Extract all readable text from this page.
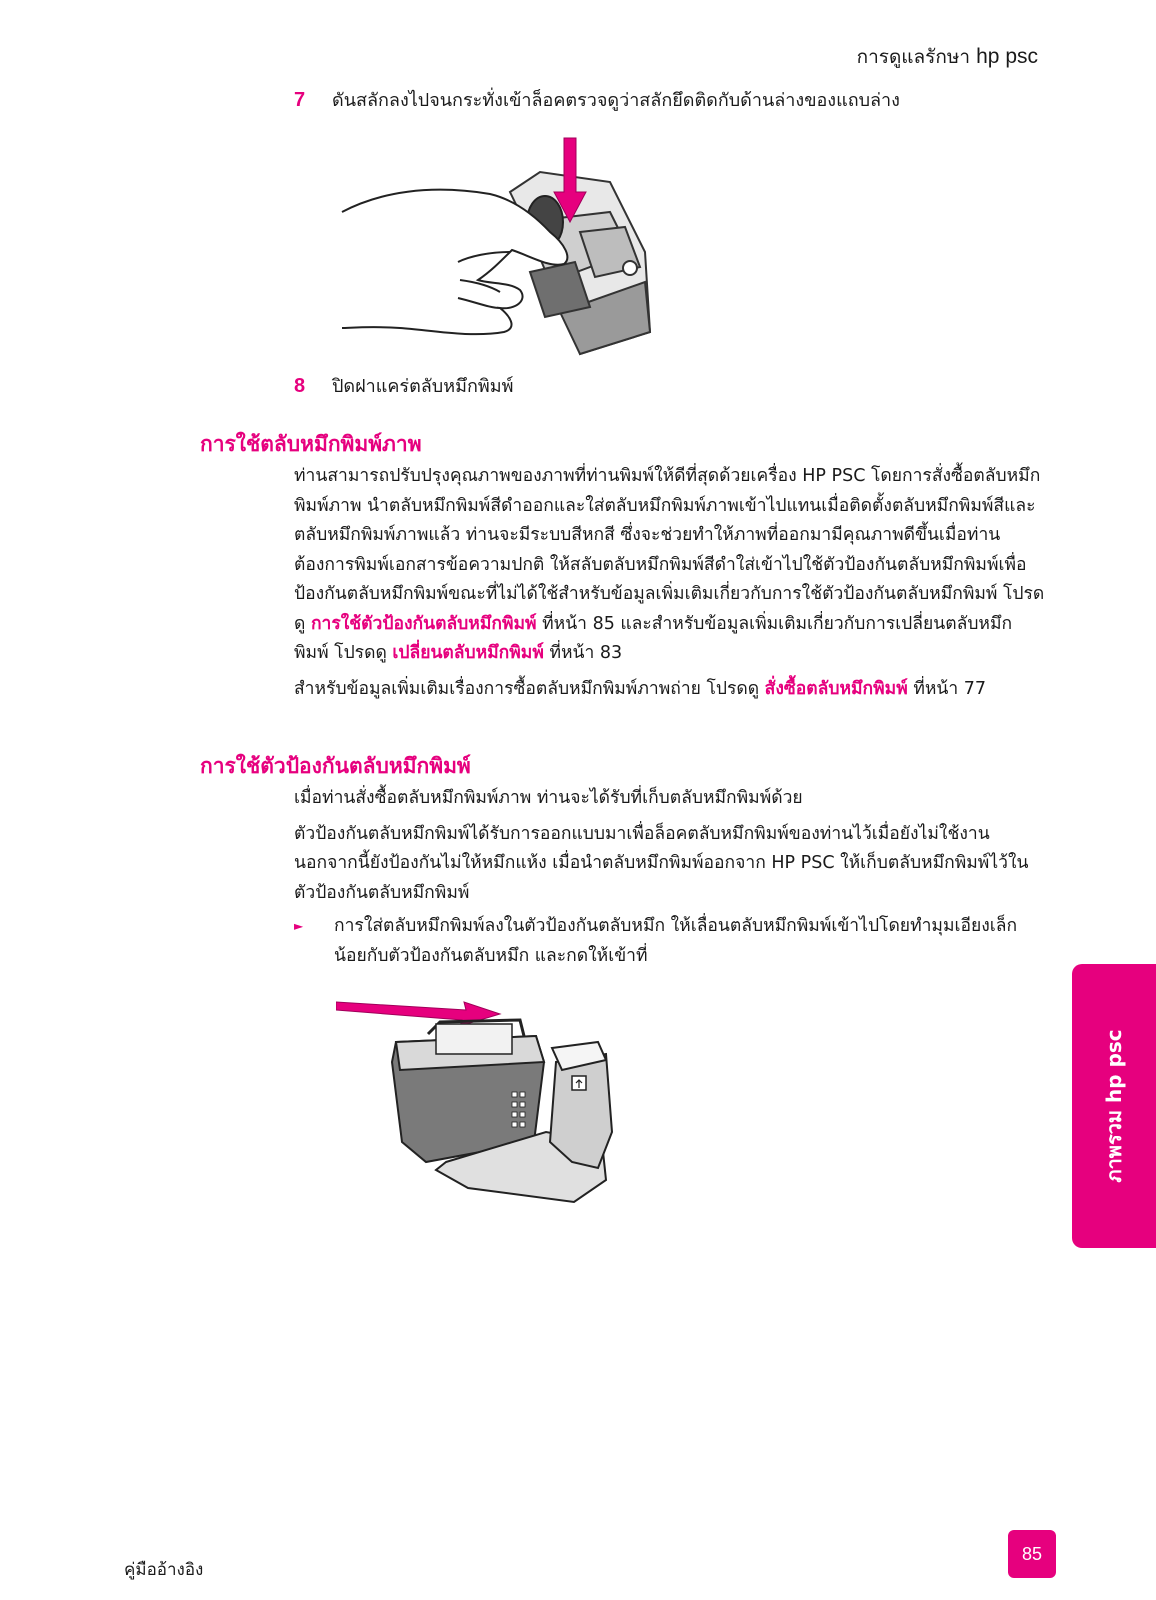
การดูแลรักษา hp psc
7 ดันสลักลงไปจนกระทั่งเข้าล็อคตรวจดูว่าสลักยึดติดกับด้านล่างของแถบล่าง
8 ปิดฝาแคร่ตลับหมึกพิมพ์
การใช้ตลับหมึกพิมพ์ภาพ

ท่านสามารถปรับปรุงคุณภาพของภาพที่ท่านพิมพ์ให้ดีที่สุดด้วยเครื่อง HP PSC โดยการสั่งซื้อตลับหมึกพิมพ์ภาพ นำตลับหมึกพิมพ์สีดำออกและใส่ตลับหมึกพิมพ์ภาพเข้าไปแทนเมื่อติดตั้งตลับหมึกพิมพ์สีและตลับหมึกพิมพ์ภาพแล้ว ท่านจะมีระบบสีหกสี ซึ่งจะช่วยทำให้ภาพที่ออกมามีคุณภาพดีขึ้นเมื่อท่านต้องการพิมพ์เอกสารข้อความปกติ ให้สลับตลับหมึกพิมพ์สีดำใส่เข้าไปใช้ตัวป้องกันตลับหมึกพิมพ์เพื่อป้องกันตลับหมึกพิมพ์ขณะที่ไม่ได้ใช้สำหรับข้อมูลเพิ่มเติมเกี่ยวกับการใช้ตัวป้องกันตลับหมึกพิมพ์ โปรดดู การใช้ตัวป้องกันตลับหมึกพิมพ์ ที่หน้า 85 และสำหรับข้อมูลเพิ่มเติมเกี่ยวกับการเปลี่ยนตลับหมึกพิมพ์ โปรดดู เปลี่ยนตลับหมึกพิมพ์ ที่หน้า 83

สำหรับข้อมูลเพิ่มเติมเรื่องการซื้อตลับหมึกพิมพ์ภาพถ่าย โปรดดู สั่งซื้อตลับหมึกพิมพ์ ที่หน้า 77

การใช้ตัวป้องกันตลับหมึกพิมพ์

เมื่อท่านสั่งซื้อตลับหมึกพิมพ์ภาพ ท่านจะได้รับที่เก็บตลับหมึกพิมพ์ด้วย

ตัวป้องกันตลับหมึกพิมพ์ได้รับการออกแบบมาเพื่อล็อคตลับหมึกพิมพ์ของท่านไว้เมื่อยังไม่ใช้งานนอกจากนี้ยังป้องกันไม่ให้หมึกแห้ง เมื่อนำตลับหมึกพิมพ์ออกจาก HP PSC ให้เก็บตลับหมึกพิมพ์ไว้ในตัวป้องกันตลับหมึกพิมพ์

► การใส่ตลับหมึกพิมพ์ลงในตัวป้องกันตลับหมึก ให้เลื่อนตลับหมึกพิมพ์เข้าไปโดยทำมุมเอียงเล็กน้อยกับตัวป้องกันตลับหมึก และกดให้เข้าที่
ภาพรวม hp psc
คู่มืออ้างอิง
85
